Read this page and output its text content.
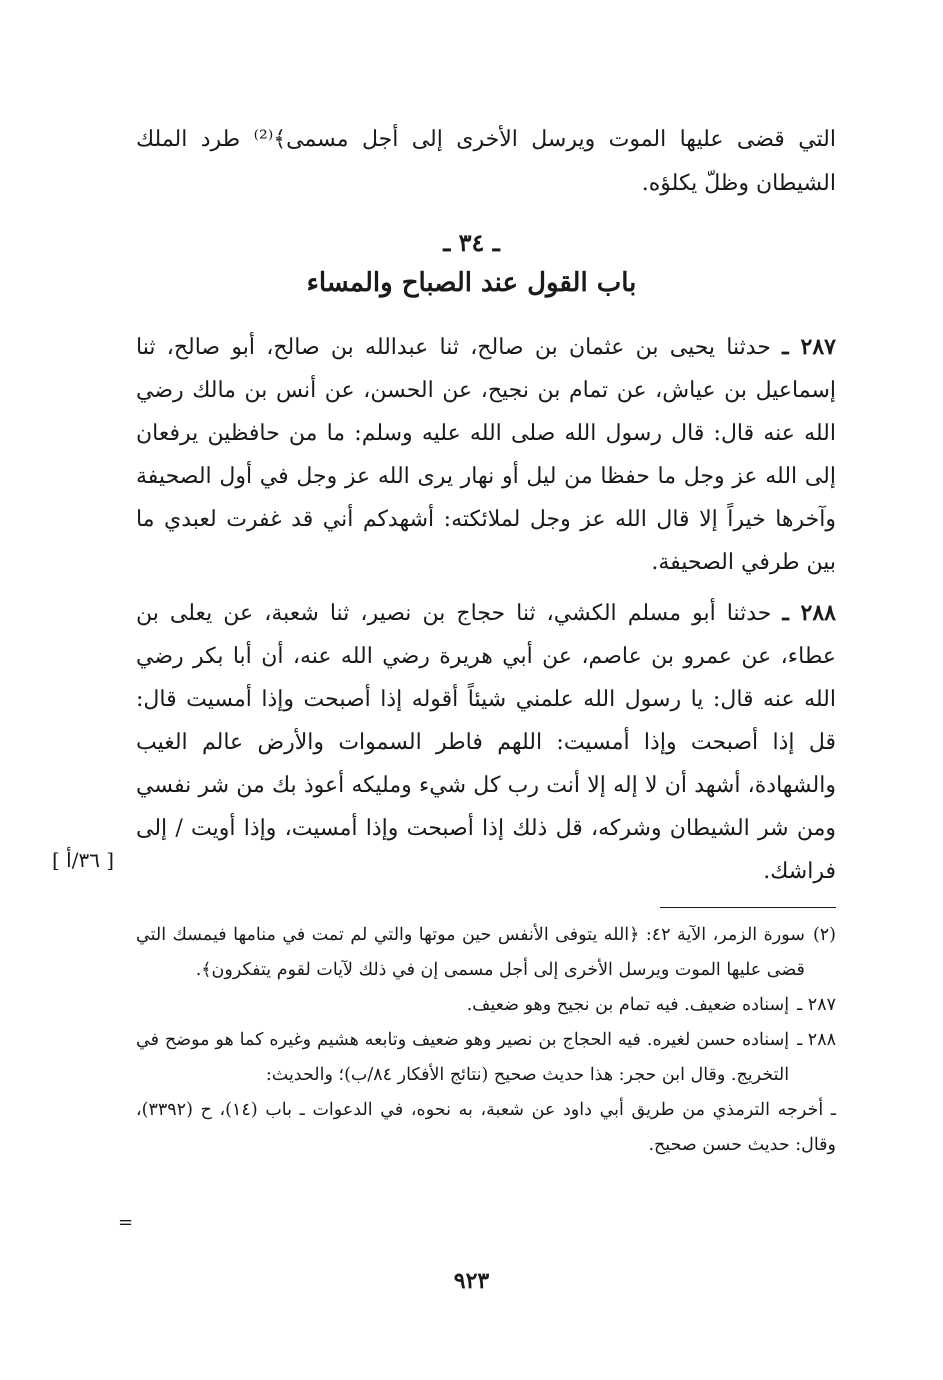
التي قضى عليها الموت ويرسل الأخرى إلى أجل مسمى﴾⁽²⁾ طرد الملك الشيطان وظلّ يكلؤه.

ـ ٣٤ ـ
باب القول عند الصباح والمساء

٢٨٧ ـ حدثنا يحيى بن عثمان بن صالح، ثنا عبدالله بن صالح، أبو صالح، ثنا إسماعيل بن عياش، عن تمام بن نجيح، عن الحسن، عن أنس بن مالك رضي الله عنه قال: قال رسول الله صلى الله عليه وسلم: ما من حافظين يرفعان إلى الله عز وجل ما حفظا من ليل أو نهار يرى الله عز وجل في أول الصحيفة وآخرها خيراً إلا قال الله عز وجل لملائكته: أشهدكم أني قد غفرت لعبدي ما بين طرفي الصحيفة.

٢٨٨ ـ حدثنا أبو مسلم الكشي، ثنا حجاج بن نصير، ثنا شعبة، عن يعلى بن عطاء، عن عمرو بن عاصم، عن أبي هريرة رضي الله عنه، أن أبا بكر رضي الله عنه قال: يا رسول الله علمني شيئاً أقوله إذا أصبحت وإذا أمسيت قال: قل إذا أصبحت وإذا أمسيت: اللهم فاطر السموات والأرض عالم الغيب والشهادة، أشهد أن لا إله إلا أنت رب كل شيء ومليكه أعوذ بك من شر نفسي ومن شر الشيطان وشركه، قل ذلك إذا أصبحت وإذا أمسيت، وإذا أويت / إلى فراشك.

[ ٣٦/أ ]
(٢)
سورة الزمر، الآية ٤٢: ﴿الله يتوفى الأنفس حين موتها والتي لم تمت في منامها فيمسك التي قضى عليها الموت ويرسل الأخرى إلى أجل مسمى إن في ذلك لآيات لقوم يتفكرون﴾.
٢٨٧ ـ
إسناده ضعيف. فيه تمام بن نجيح وهو ضعيف.
٢٨٨ ـ
إسناده حسن لغيره. فيه الحجاج بن نصير وهو ضعيف وتابعه هشيم وغيره كما هو موضح في التخريج. وقال ابن حجر: هذا حديث صحيح (نتائج الأفكار ٨٤/ب)؛ والحديث:
ـ أخرجه الترمذي من طريق أبي داود عن شعبة، به نحوه، في الدعوات ـ باب (١٤)، ح (٣٣٩٢)، وقال: حديث حسن صحيح.
=
٩٢٣
